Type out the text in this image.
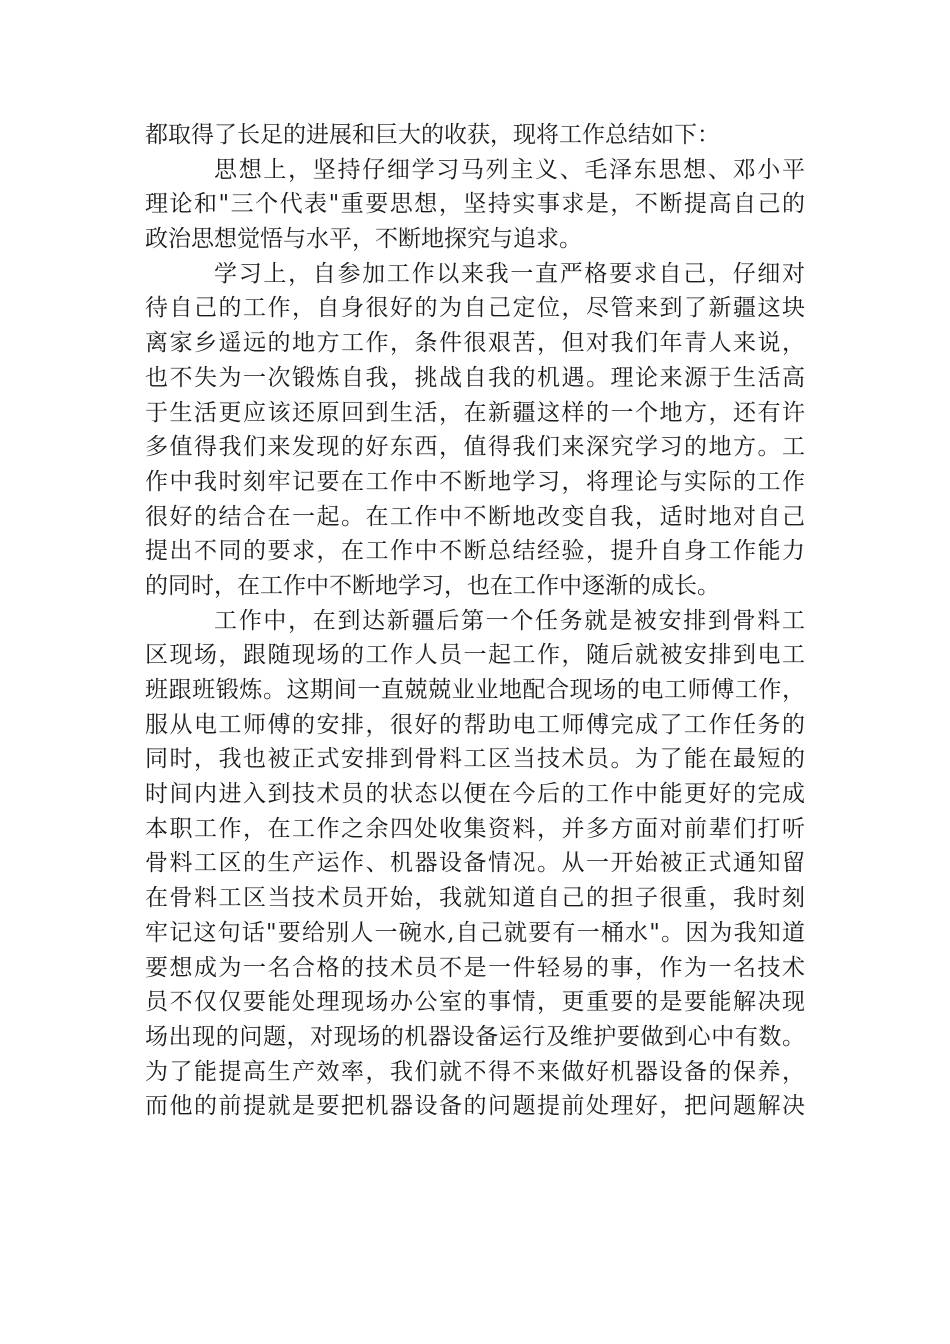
都取得了长足的进展和巨大的收获，现将工作总结如下：
思想上，坚持仔细学习马列主义、毛泽东思想、邓小平
理论和"三个代表"重要思想，坚持实事求是，不断提高自己的
政治思想觉悟与水平，不断地探究与追求。
学习上，自参加工作以来我一直严格要求自己，仔细对
待自己的工作，自身很好的为自己定位，尽管来到了新疆这块
离家乡遥远的地方工作，条件很艰苦，但对我们年青人来说，
也不失为一次锻炼自我，挑战自我的机遇。理论来源于生活高
于生活更应该还原回到生活，在新疆这样的一个地方，还有许
多值得我们来发现的好东西，值得我们来深究学习的地方。工
作中我时刻牢记要在工作中不断地学习，将理论与实际的工作
很好的结合在一起。在工作中不断地改变自我，适时地对自己
提出不同的要求，在工作中不断总结经验，提升自身工作能力
的同时，在工作中不断地学习，也在工作中逐渐的成长。
工作中，在到达新疆后第一个任务就是被安排到骨料工
区现场，跟随现场的工作人员一起工作，随后就被安排到电工
班跟班锻炼。这期间一直兢兢业业地配合现场的电工师傅工作，
服从电工师傅的安排，很好的帮助电工师傅完成了工作任务的
同时，我也被正式安排到骨料工区当技术员。为了能在最短的
时间内进入到技术员的状态以便在今后的工作中能更好的完成
本职工作，在工作之余四处收集资料，并多方面对前辈们打听
骨料工区的生产运作、机器设备情况。从一开始被正式通知留
在骨料工区当技术员开始，我就知道自己的担子很重，我时刻
牢记这句话"要给别人一碗水,自己就要有一桶水"。因为我知道
要想成为一名合格的技术员不是一件轻易的事，作为一名技术
员不仅仅要能处理现场办公室的事情，更重要的是要能解决现
场出现的问题，对现场的机器设备运行及维护要做到心中有数。
为了能提高生产效率，我们就不得不来做好机器设备的保养，
而他的前提就是要把机器设备的问题提前处理好，把问题解决
